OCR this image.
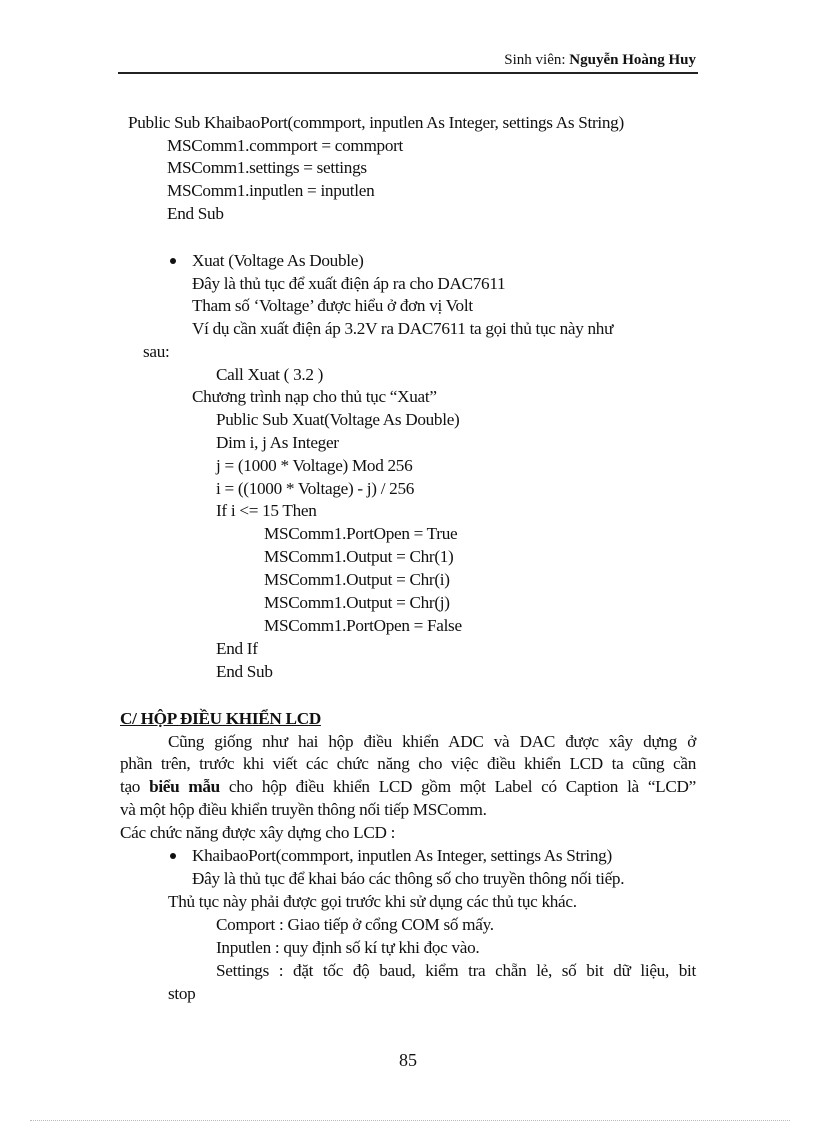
Sinh viên: Nguyễn Hoàng Huy
Public Sub KhaibaoPort(commport, inputlen As Integer, settings As String)
MSComm1.commport = commport
MSComm1.settings = settings
MSComm1.inputlen = inputlen
End Sub
Xuat (Voltage As Double)
Đây là thủ tục để xuất điện áp ra cho DAC7611
Tham số ‘Voltage’ được hiểu ở đơn vị Volt
Ví dụ cần xuất điện áp 3.2V ra DAC7611 ta gọi thủ tục này như
sau:
Call Xuat ( 3.2 )
Chương trình nạp cho thủ tục “Xuat”
Public Sub Xuat(Voltage As Double)
Dim i, j As Integer
j = (1000 * Voltage) Mod 256
i = ((1000 * Voltage) - j) / 256
If i <= 15 Then
MSComm1.PortOpen = True
MSComm1.Output = Chr(1)
MSComm1.Output = Chr(i)
MSComm1.Output = Chr(j)
MSComm1.PortOpen = False
End If
End Sub
C/ HỘP ĐIỀU KHIỂN LCD
Cũng giống như hai hộp điều khiển ADC và DAC được xây dựng ở
phần trên, trước khi viết các chức năng cho việc điều khiển LCD ta cũng cần
tạo biểu mẫu cho hộp điều khiển LCD gồm một Label có Caption là “LCD”
và một hộp điều khiển truyền thông nối tiếp MSComm.
Các chức năng được xây dựng cho LCD :
KhaibaoPort(commport, inputlen As Integer, settings As String)
Đây là thủ tục để khai báo các thông số cho truyền thông nối tiếp.
Thủ tục này phải được gọi trước khi sử dụng các thủ tục khác.
Comport : Giao tiếp ở cổng COM số mấy.
Inputlen : quy định số kí tự khi đọc vào.
Settings : đặt tốc độ baud, kiểm tra chẵn lẻ, số bit dữ liệu, bit
stop
85
